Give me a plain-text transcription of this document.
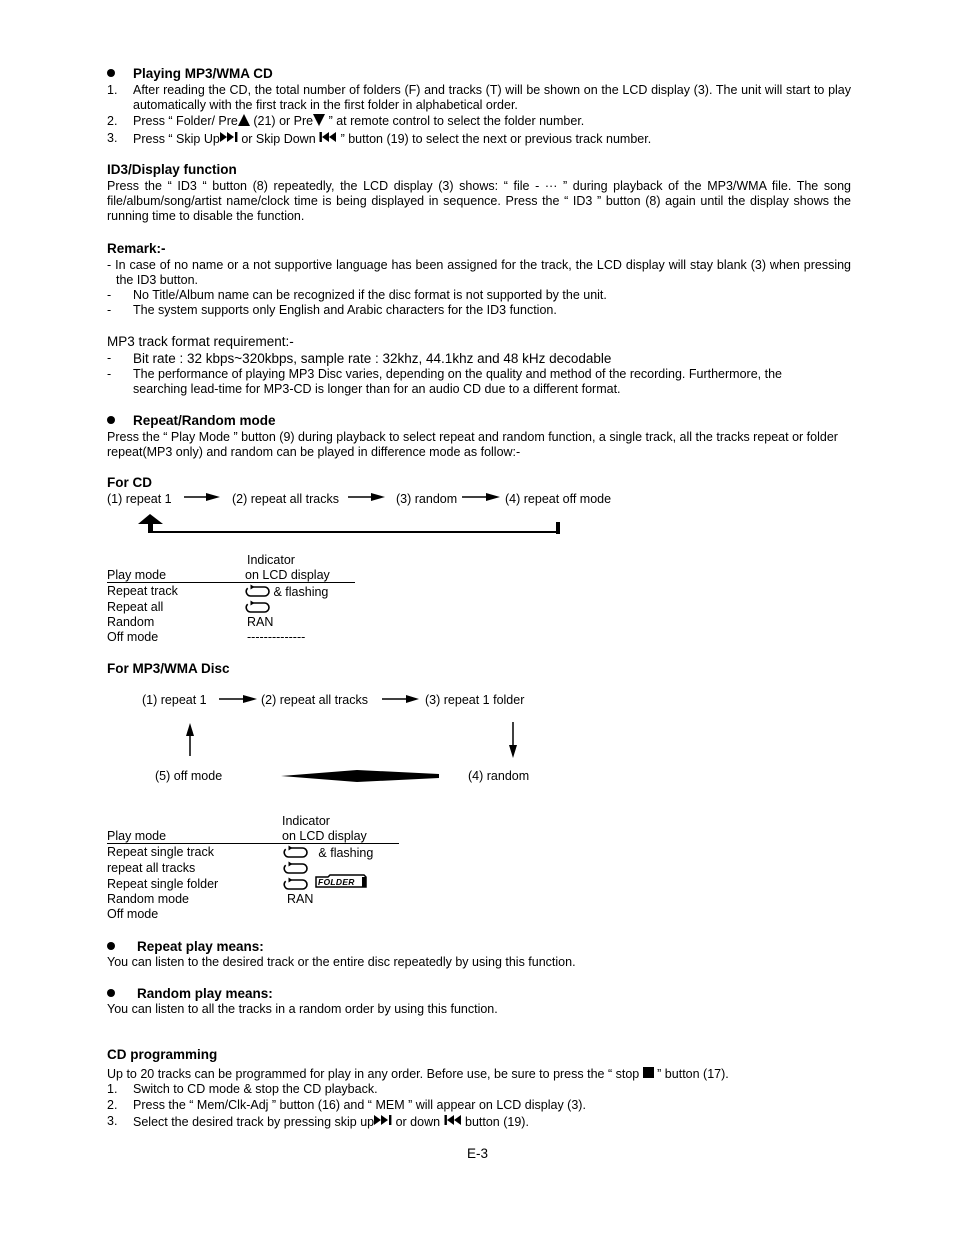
Playing MP3/WMA CD
1. After reading the CD, the total number of folders (F) and tracks (T) will be shown on the LCD display (3). The unit will start to play automatically with the first track in the first folder in alphabetical order.
2. Press “ Folder/ Pre (21) or Pre ” at remote control to select the folder number.
3. Press “ Skip Up or Skip Down  ” button (19) to select the next or previous track number.
ID3/Display function
Press the “ ID3 “ button (8) repeatedly, the LCD display (3) shows: “ file - ··· ” during playback of the MP3/WMA file. The song file/album/song/artist name/clock time is being displayed in sequence. Press the “ ID3 ” button (8) again until the display shows the running time to disable the function.
Remark:-
- In case of no name or a not supportive language has been assigned for the track, the LCD display will stay blank (3) when pressing the ID3 button.
- No Title/Album name can be recognized if the disc format is not supported by the unit.
- The system supports only English and Arabic characters for the ID3 function.
MP3 track format requirement:-
- Bit rate : 32 kbps~320kbps, sample rate : 32khz, 44.1khz and 48 kHz decodable
- The performance of playing MP3 Disc varies, depending on the quality and method of the recording. Furthermore, the searching lead-time for MP3-CD is longer than for an audio CD due to a different format.
Repeat/Random mode
Press the “ Play Mode ” button (9) during playback to select repeat and random function, a single track, all the tracks repeat or folder repeat(MP3 only) and random can be played in difference mode as follow:-
For CD
(1) repeat 1	(2) repeat all tracks	(3) random	(4) repeat off mode
Indicator
Play mode	on LCD display
Repeat track	& flashing
Repeat all
Random	RAN
Off mode	--------------
For MP3/WMA Disc
(1) repeat 1	(2) repeat all tracks	(3) repeat 1 folder
(4) random
(5) off mode
Indicator
Play mode	on LCD display
Repeat single track	& flashing
repeat all tracks
Repeat single folder	FOLDER
Random mode	RAN
Off mode
Repeat play means:
You can listen to the desired track or the entire disc repeatedly by using this function.
Random play means:
You can listen to all the tracks in a random order by using this function.
CD programming
Up to 20 tracks can be programmed for play in any order. Before use, be sure to press the “ stop  ” button (17).
1. Switch to CD mode & stop the CD playback.
2. Press the “ Mem/Clk-Adj ” button (16) and “ MEM ” will appear on LCD display (3).
3. Select the desired track by pressing skip up or down  button (19).
E-3
